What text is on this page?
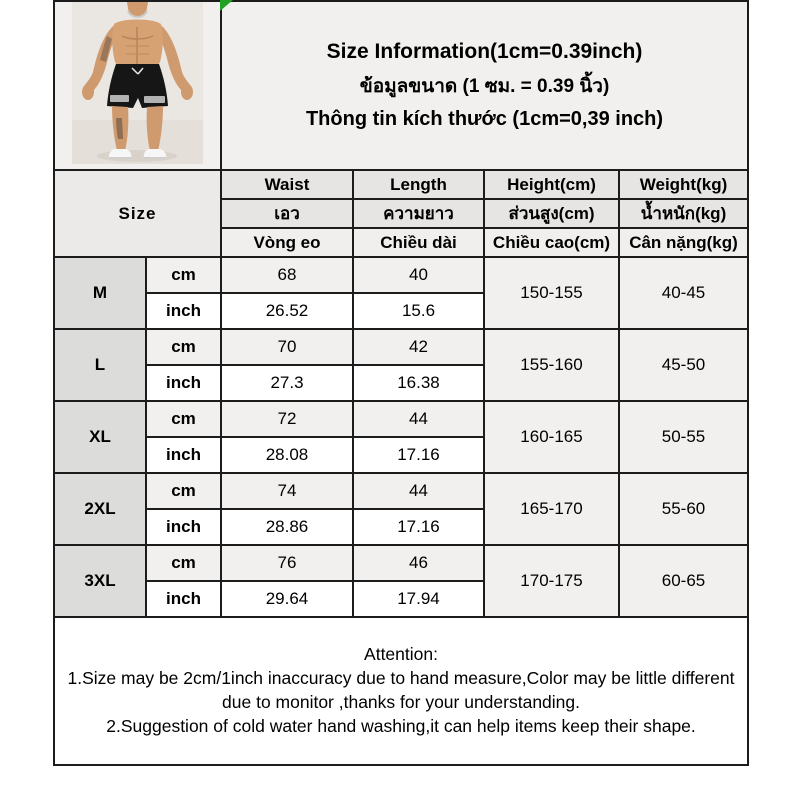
Size Information(1cm=0.39inch)
ข้อมูลขนาด (1 ซม. = 0.39 นิ้ว)
Thông tin kích thước (1cm=0,39 inch)			

Size		Waist	Length	Height(cm)	Weight(kg)
		เอว	ความยาว	ส่วนสูง(cm)	น้ำหนัก(kg)
		Vòng eo	Chiều dài	Chiều cao(cm)	Cân nặng(kg)
M	cm	68	40	150-155	40-45
	inch	26.52	15.6		
L	cm	70	42	155-160	45-50
	inch	27.3	16.38		
XL	cm	72	44	160-165	50-55
	inch	28.08	17.16		
2XL	cm	74	44	165-170	55-60
	inch	28.86	17.16		
3XL	cm	76	46	170-175	60-65
	inch	29.64	17.94		

Attention:
1.Size may be 2cm/1inch inaccuracy due to hand measure,Color may be little different due to monitor ,thanks for your understanding.
2.Suggestion of cold water hand washing,it can help items keep their shape.					
